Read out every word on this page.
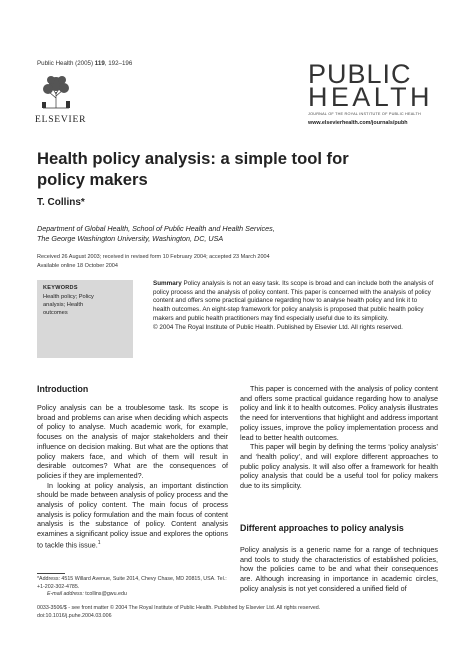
Public Health (2005) 119, 192–196
ELSEVIER
PUBLIC
HEALTH
JOURNAL OF THE ROYAL INSTITUTE OF PUBLIC HEALTH
www.elsevierhealth.com/journals/pubh
Health policy analysis: a simple tool for policy makers
T. Collins*
Department of Global Health, School of Public Health and Health Services,
The George Washington University, Washington, DC, USA
Received 26 August 2003; received in revised form 10 February 2004; accepted 23 March 2004
Available online 18 October 2004
KEYWORDS
Health policy; Policy
analysis; Health
outcomes
Summary Policy analysis is not an easy task. Its scope is broad and can include both the analysis of policy process and the analysis of policy content. This paper is concerned with the analysis of policy content and offers some practical guidance regarding how to analyse health policy and link it to health outcomes. An eight-step framework for policy analysis is proposed that public health policy makers and public health practitioners may find especially useful due to its simplicity.
© 2004 The Royal Institute of Public Health. Published by Elsevier Ltd. All rights reserved.
Introduction

Policy analysis can be a troublesome task. Its scope is broad and problems can arise when deciding which aspects of policy to analyse. Much academic work, for example, focuses on the analysis of major stakeholders and their influence on decision making. But what are the options that policy makers face, and which of them will result in desirable outcomes? What are the consequences of policies if they are implemented?.

In looking at policy analysis, an important distinction should be made between analysis of policy process and the analysis of policy content. The main focus of process analysis is policy formulation and the main focus of content analysis is the substance of policy. Content analysis examines a significant policy issue and explores the options to tackle this issue.$^1$

*Address: 4515 Willard Avenue, Suite 2014, Chevy Chase, MD 20815, USA. Tel.: +1-202-302-4785.
E-mail address: tcollins@gwu.edu

This paper is concerned with the analysis of policy content and offers some practical guidance regarding how to analyse policy and link it to health outcomes. Policy analysis illustrates the need for interventions that highlight and address important policy issues, improve the policy implementation process and lead to better health outcomes.

This paper will begin by defining the terms ‘policy analysis’ and ‘health policy’, and will explore different approaches to public policy analysis. It will also offer a framework for health policy analysis that could be a useful tool for policy makers due to its simplicity.

Different approaches to policy analysis

Policy analysis is a generic name for a range of techniques and tools to study the characteristics of established policies, how the policies came to be and what their consequences are. Although increasing in importance in academic circles, policy analysis is not yet considered a unified field of

0033-3506/$ - see front matter © 2004 The Royal Institute of Public Health. Published by Elsevier Ltd. All rights reserved.
doi:10.1016/j.puhe.2004.03.006
